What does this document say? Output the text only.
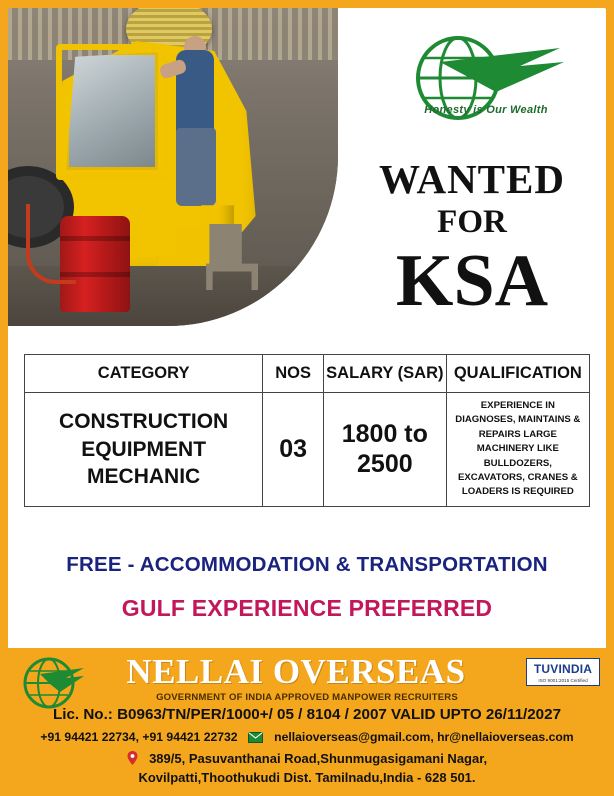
Honesty is Our Wealth
WANTED
FOR
KSA
CATEGORY	NOS	SALARY (SAR)	QUALIFICATION
CONSTRUCTION EQUIPMENT MECHANIC	03	1800 to 2500	EXPERIENCE IN DIAGNOSES, MAINTAINS & REPAIRS LARGE MACHINERY LIKE BULLDOZERS, EXCAVATORS, CRANES & LOADERS IS REQUIRED
FREE - ACCOMMODATION & TRANSPORTATION
GULF EXPERIENCE PREFERRED
NELLAI OVERSEAS	TUVINDIA
ISO 9001:2015 Certified
GOVERNMENT OF INDIA APPROVED MANPOWER RECRUITERS
Lic. No.: B0963/TN/PER/1000+/ 05 / 8104 / 2007 VALID UPTO 26/11/2027
+91 94421 22734, +91 94421 22732	nellaioverseas@gmail.com, hr@nellaioverseas.com
389/5, Pasuvanthanai Road,Shunmugasigamani Nagar,
Kovilpatti,Thoothukudi Dist. Tamilnadu,India - 628 501.
